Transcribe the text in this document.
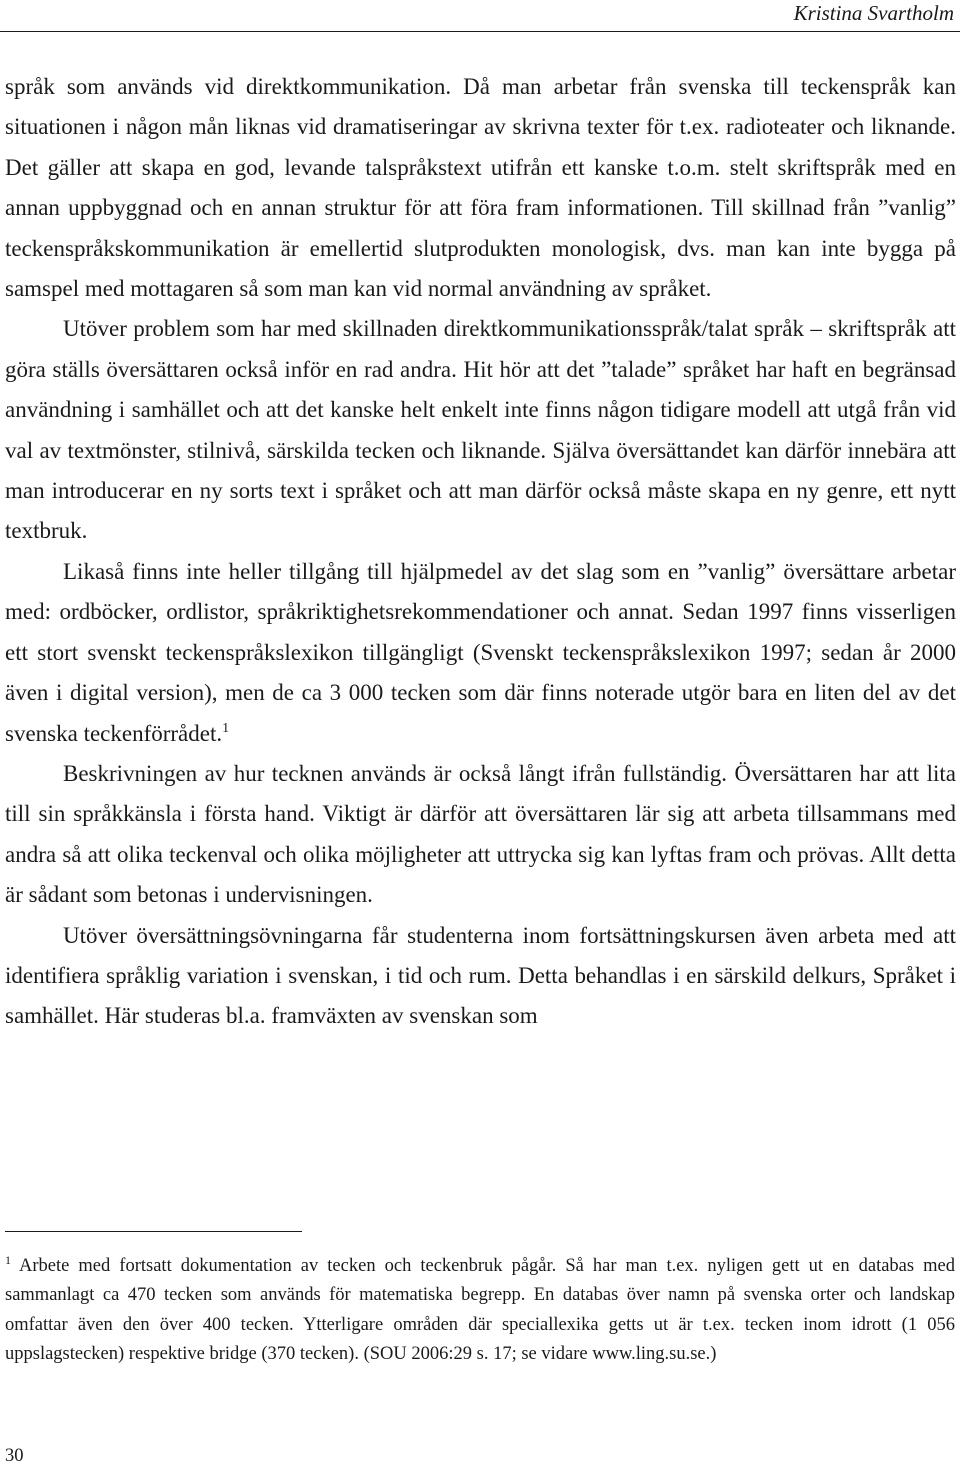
Kristina Svartholm

språk som används vid direktkommunikation. Då man arbetar från svenska till teckenspråk kan situationen i någon mån liknas vid dramatiseringar av skrivna texter för t.ex. radioteater och liknande. Det gäller att skapa en god, levande talspråkstext utifrån ett kanske t.o.m. stelt skriftspråk med en annan uppbyggnad och en annan struktur för att föra fram informationen. Till skillnad från ”vanlig” teckenspråkskommunikation är emellertid slutprodukten monologisk, dvs. man kan inte bygga på samspel med mottagaren så som man kan vid normal användning av språket.

Utöver problem som har med skillnaden direktkommunikationsspråk/talat språk – skriftspråk att göra ställs översättaren också inför en rad andra. Hit hör att det ”talade” språket har haft en begränsad användning i samhället och att det kanske helt enkelt inte finns någon tidigare modell att utgå från vid val av textmönster, stilnivå, särskilda tecken och liknande. Själva översättandet kan därför innebära att man introducerar en ny sorts text i språket och att man därför också måste skapa en ny genre, ett nytt textbruk.

Likaså finns inte heller tillgång till hjälpmedel av det slag som en ”vanlig” översättare arbetar med: ordböcker, ordlistor, språkriktighetsrekommendationer och annat. Sedan 1997 finns visserligen ett stort svenskt teckenspråkslexikon tillgängligt (Svenskt teckenspråkslexikon 1997; sedan år 2000 även i digital version), men de ca 3 000 tecken som där finns noterade utgör bara en liten del av det svenska teckenförrådet.$^1$

Beskrivningen av hur tecknen används är också långt ifrån fullständig. Översättaren har att lita till sin språkkänsla i första hand. Viktigt är därför att översättaren lär sig att arbeta tillsammans med andra så att olika teckenval och olika möjligheter att uttrycka sig kan lyftas fram och prövas. Allt detta är sådant som betonas i undervisningen.

Utöver översättningsövningarna får studenterna inom fortsättningskursen även arbeta med att identifiera språklig variation i svenskan, i tid och rum. Detta behandlas i en särskild delkurs, Språket i samhället. Här studeras bl.a. framväxten av svenskan som

$^1$ Arbete med fortsatt dokumentation av tecken och teckenbruk pågår. Så har man t.ex. nyligen gett ut en databas med sammanlagt ca 470 tecken som används för matematiska begrepp. En databas över namn på svenska orter och landskap omfattar även den över 400 tecken. Ytterligare områden där speciallexika getts ut är t.ex. tecken inom idrott (1 056 uppslagstecken) respektive bridge (370 tecken). (SOU 2006:29 s. 17; se vidare www.ling.su.se.)

30
